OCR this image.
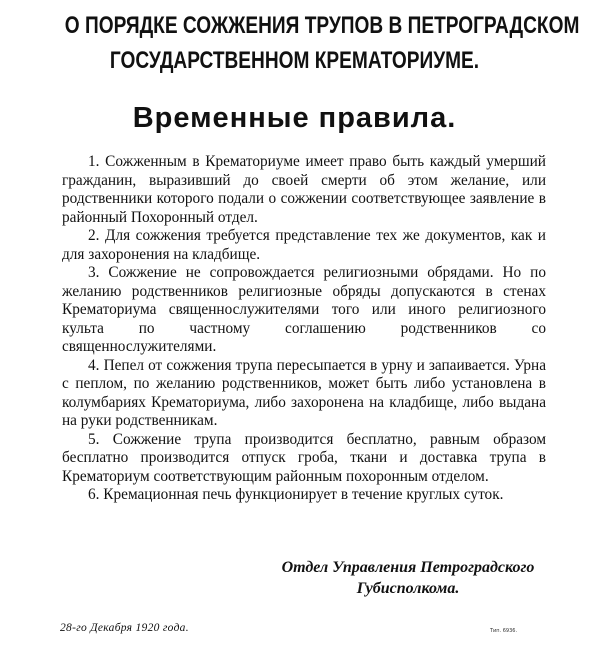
О ПОРЯДКЕ СОЖЖЕНИЯ ТРУПОВ В ПЕТРОГРАДСКОМ
ГОСУДАРСТВЕННОМ КРЕМАТОРИУМЕ.
Временные правила.

1. Сожженным в Крематориуме имеет право быть каждый умерший гражданин, выразивший до своей смерти об этом желание, или родственники которого подали о сожжении соответствующее заявление в районный Похоронный отдел.

2. Для сожжения требуется представление тех же документов, как и для захоронения на кладбище.

3. Сожжение не сопровождается религиозными обрядами. Но по желанию родственников религиозные обряды допускаются в стенах Крематориума священнослужителями того или иного религиозного культа по частному соглашению родственников со священнослужителями.

4. Пепел от сожжения трупа пересыпается в урну и запаивается. Урна с пеплом, по желанию родственников, может быть либо установлена в колумбариях Крематориума, либо захоронена на кладбище, либо выдана на руки родственникам.

5. Сожжение трупа производится бесплатно, равным образом бесплатно производится отпуск гроба, ткани и доставка трупа в Крематориум соответствующим районным похоронным отделом.

6. Кремационная печь функционирует в течение круглых суток.

Отдел Управления Петроградского
Губисполкома.
28-го Декабря 1920 года.	Тип. 6936.
